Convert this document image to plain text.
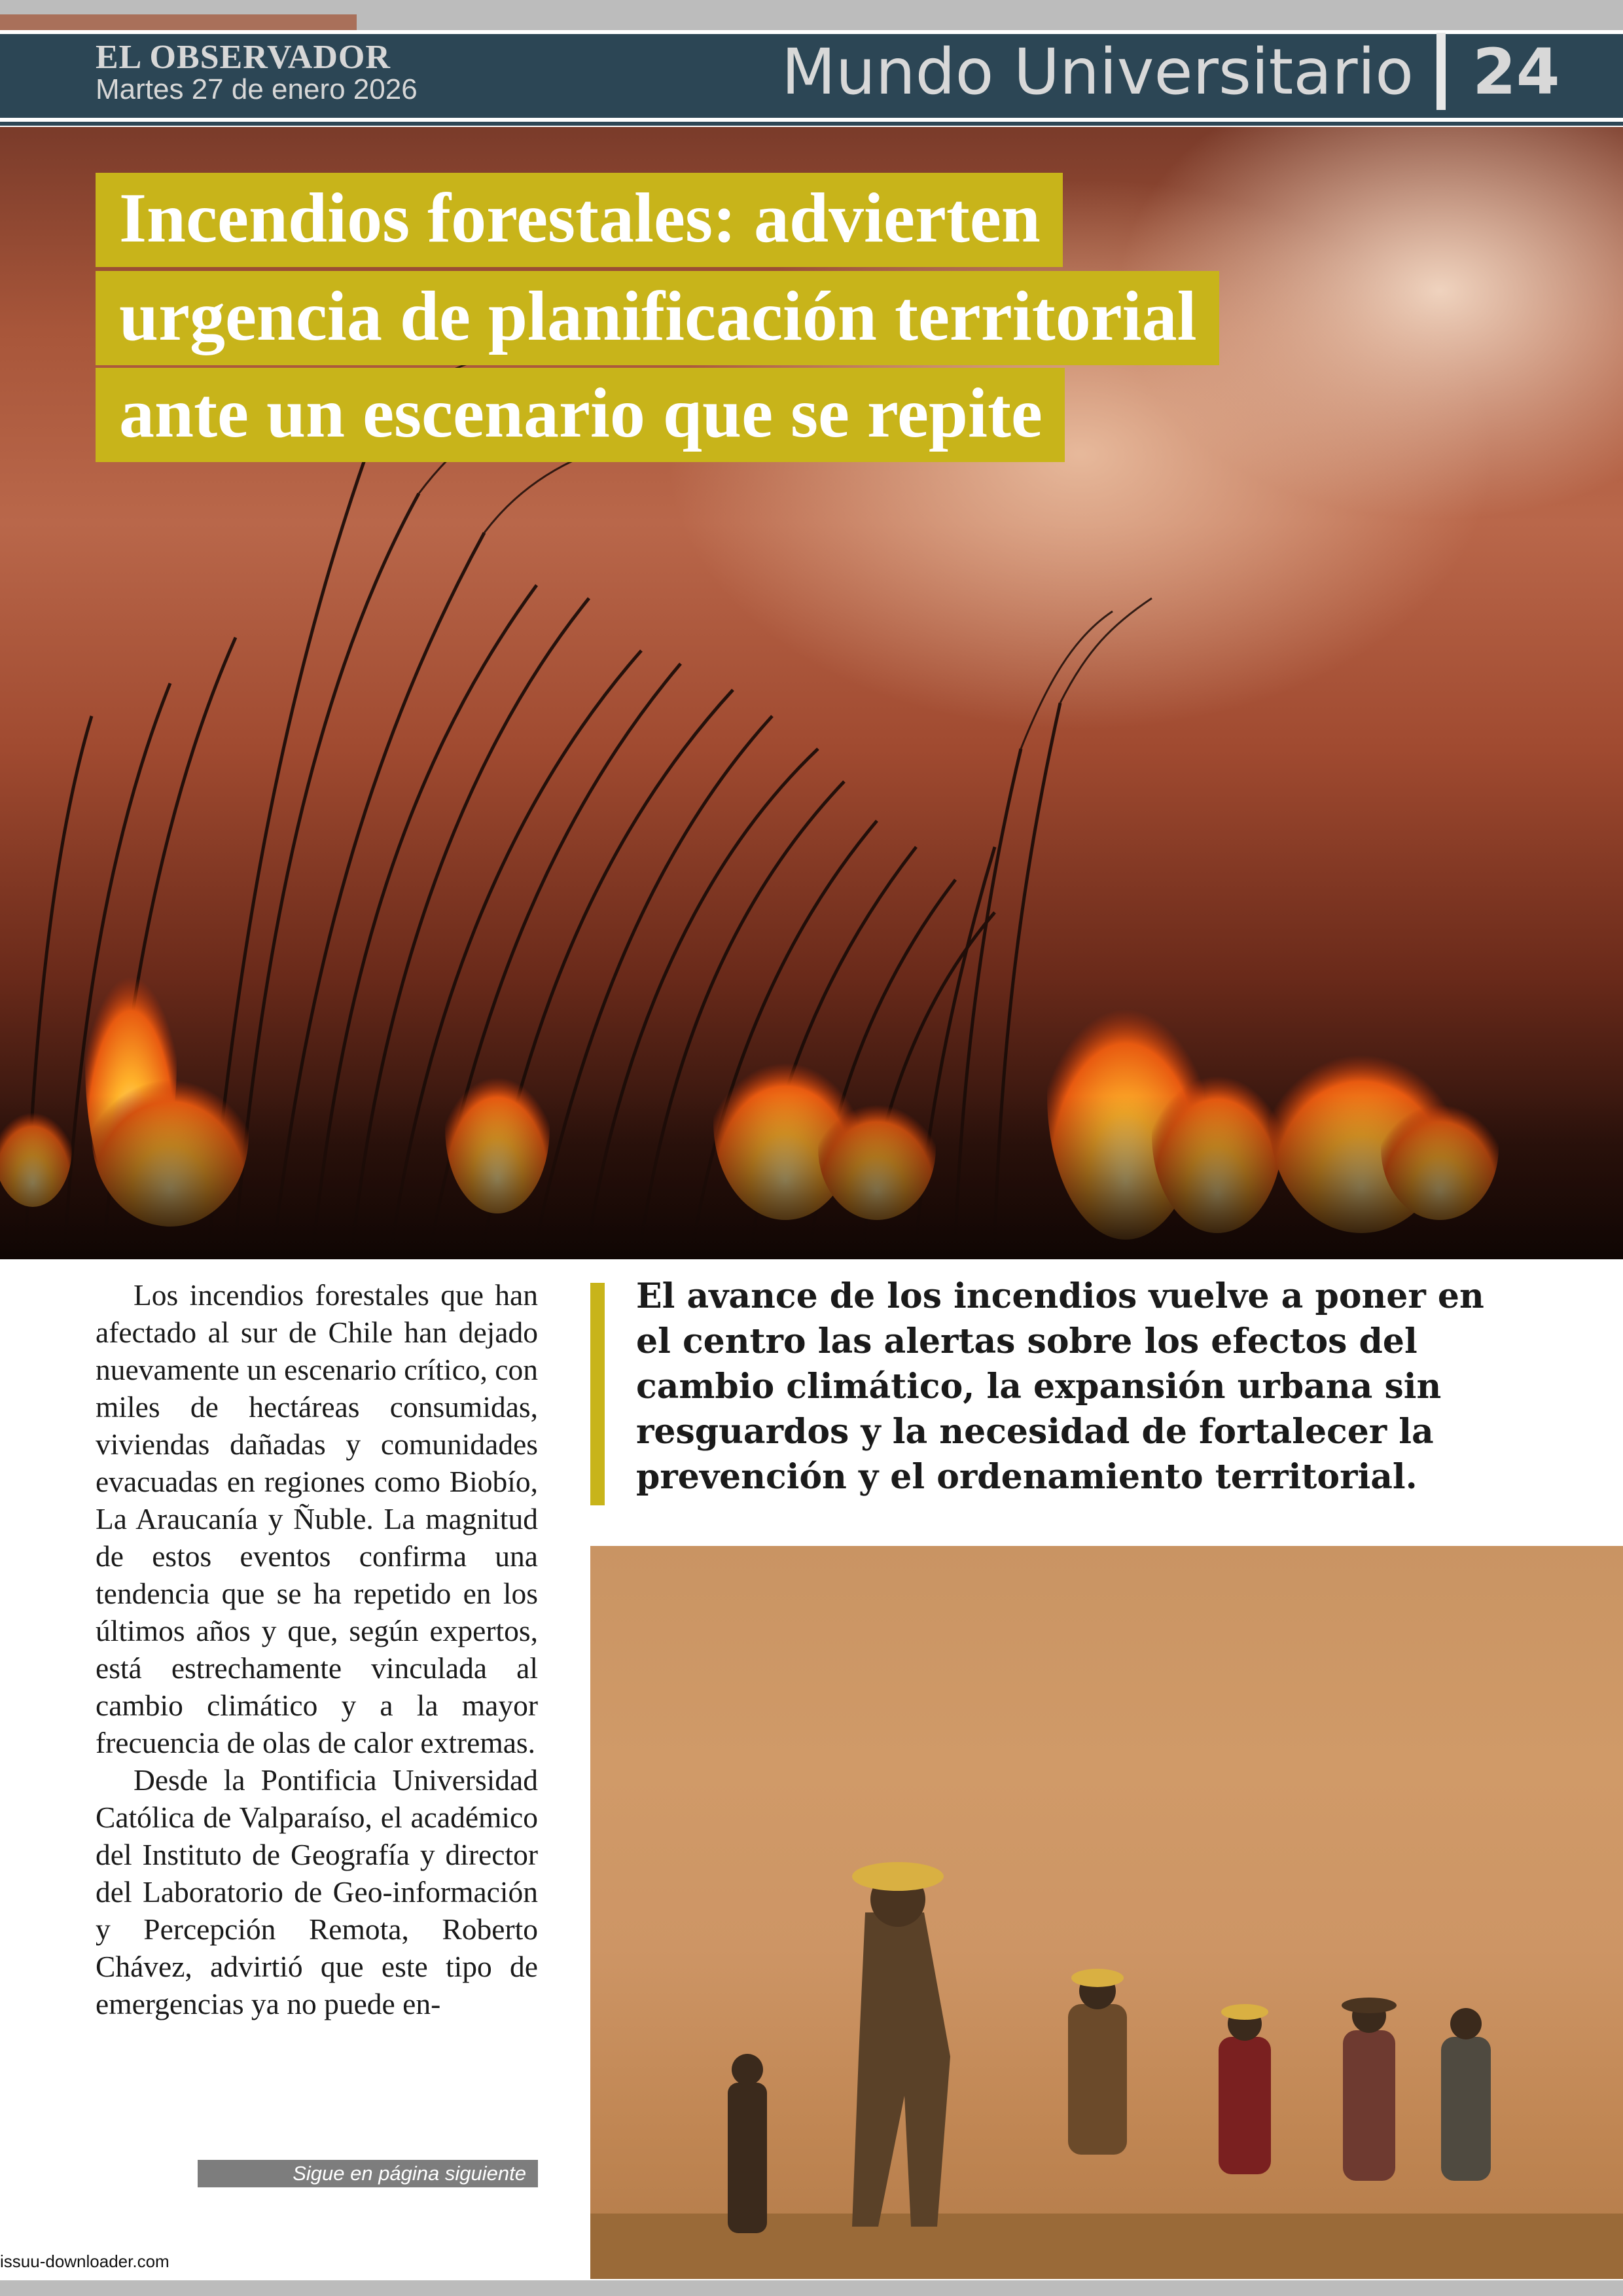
EL OBSERVADOR
Martes 27 de enero 2026	Mundo Universitario 24
Incendios forestales: advierten
urgencia de planificación territorial
ante un escenario que se repite

Los incendios forestales que han afectado al sur de Chile han dejado nuevamente un escenario crítico, con miles de hectáreas consumidas, viviendas dañadas y comunidades evacuadas en regiones como Biobío, La Araucanía y Ñuble. La magnitud de estos eventos confirma una tendencia que se ha repetido en los últimos años y que, según expertos, está estrechamente vinculada al cambio climático y a la mayor frecuencia de olas de calor extremas.

Desde la Pontificia Universidad Católica de Valparaíso, el académico del Instituto de Geografía y director del Laboratorio de Geo-información y Percepción Remota, Roberto Chávez, advirtió que este tipo de emergencias ya no puede en-

Sigue en página siguiente
El avance de los incendios vuelve a poner en el centro las alertas sobre los efectos del cambio climático, la expansión urbana sin resguardos y la necesidad de fortalecer la prevención y el ordenamiento territorial.
issuu-downloader.com
